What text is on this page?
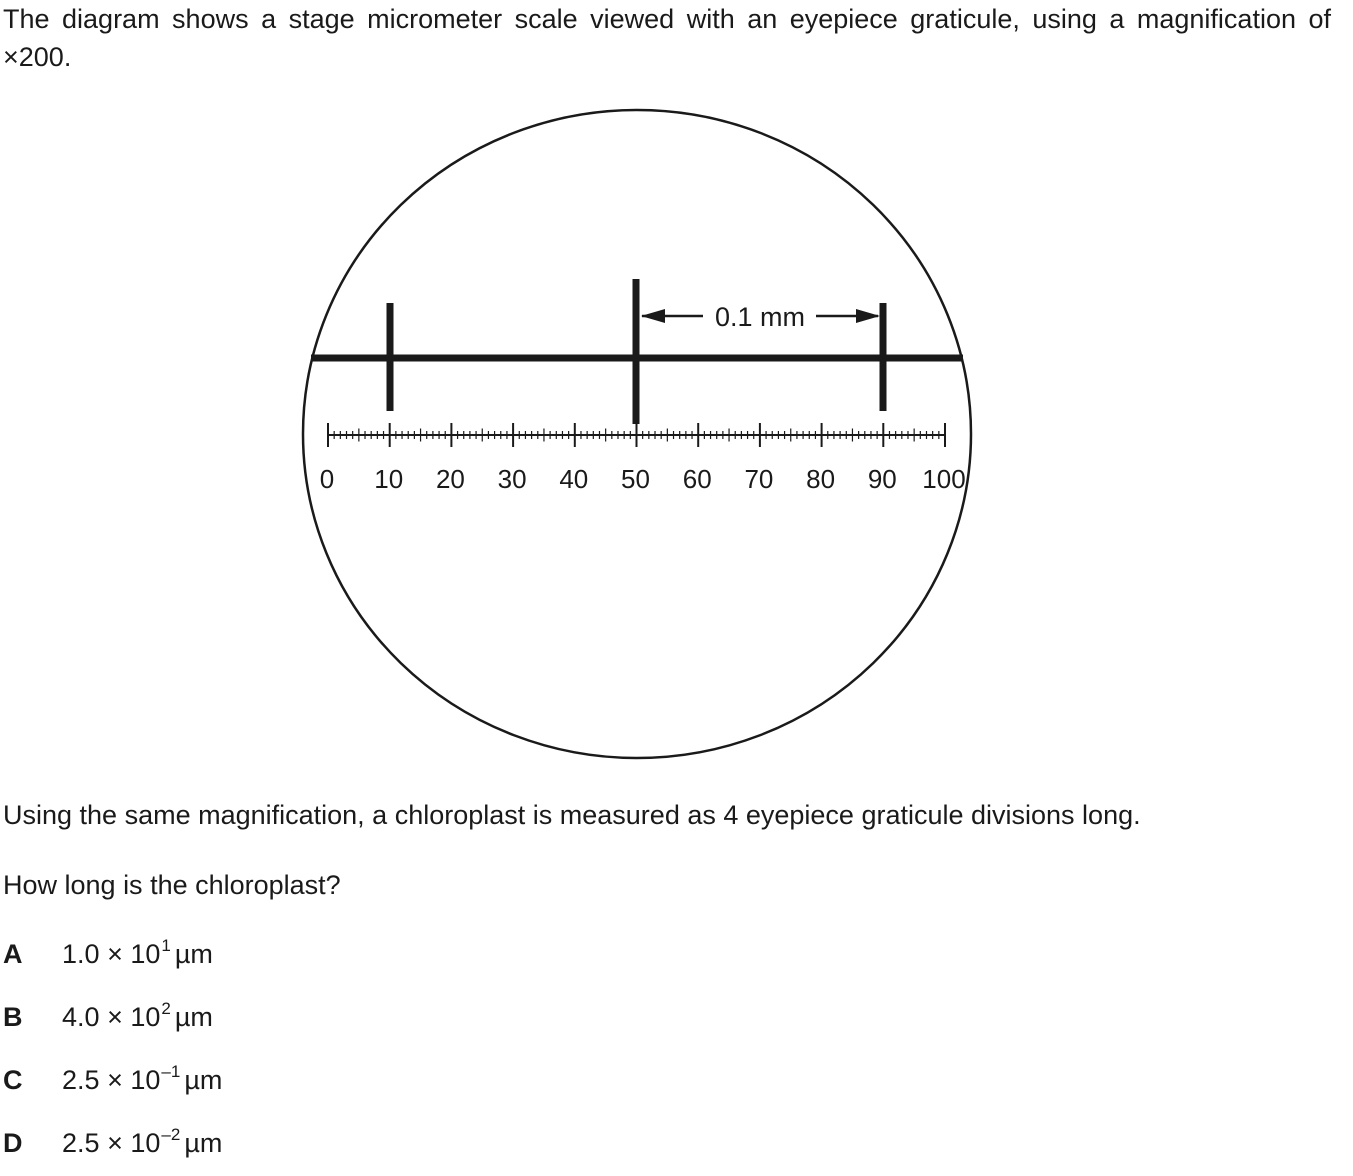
The diagram shows a stage micrometer scale viewed with an eyepiece graticule, using a magnification of ×200.

0.1 mm
0 10 20 30 40 50 60 70 80 90 100

Using the same magnification, a chloroplast is measured as 4 eyepiece graticule divisions long.

How long is the chloroplast?

A $1.0 \times 10^1$ µm
B $4.0 \times 10^2$ µm
C $2.5 \times 10^{-1}$ µm
D $2.5 \times 10^{-2}$ µm
